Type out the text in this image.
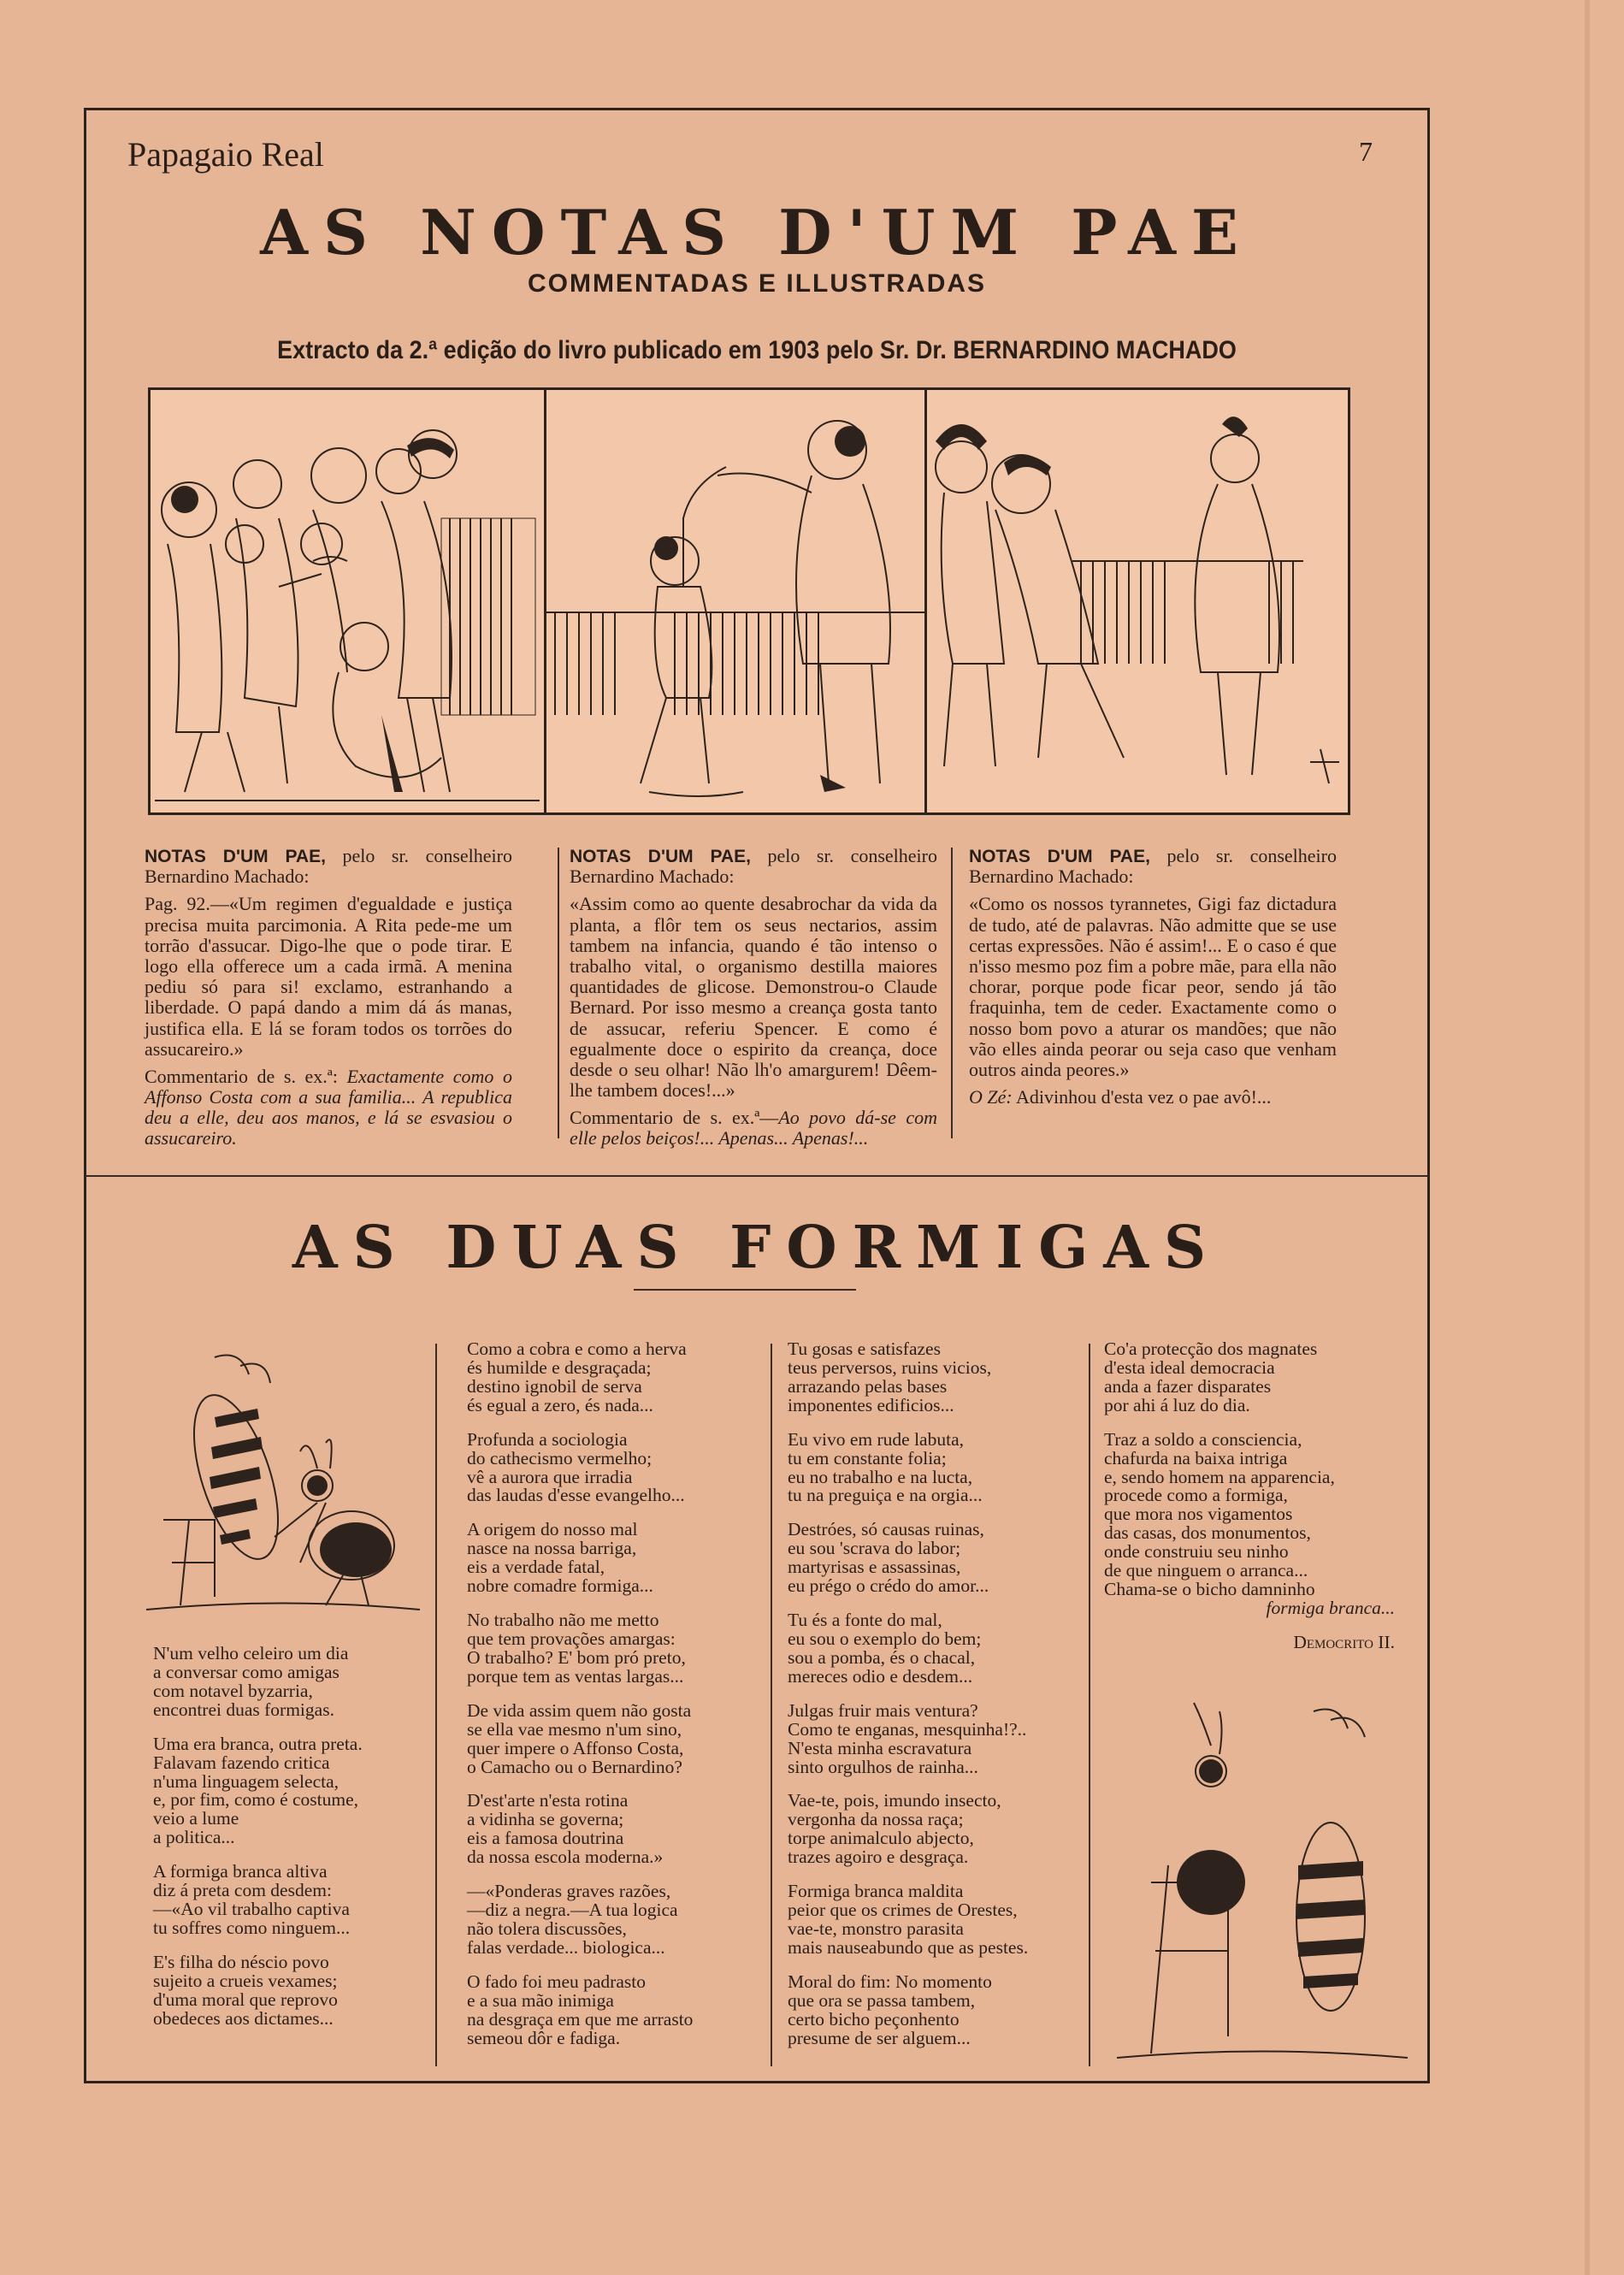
Papagaio Real	7
AS NOTAS D'UM PAE
COMMENTADAS E ILLUSTRADAS
Extracto da 2.ª edição do livro publicado em 1903 pelo Sr. Dr. BERNARDINO MACHADO

NOTAS D'UM PAE, pelo sr. conselheiro Bernardino Machado:

Pag. 92.—«Um regimen d'egualdade e justiça precisa muita parcimonia. A Rita pede-me um torrão d'assucar. Digo-lhe que o pode tirar. E logo ella offerece um a cada irmã. A menina pediu só para si! exclamo, estranhando a liberdade. O papá dando a mim dá ás manas, justifica ella. E lá se foram todos os torrões do assucareiro.»

Commentario de s. ex.ª: Exactamente como o Affonso Costa com a sua familia... A republica deu a elle, deu aos manos, e lá se esvasiou o assucareiro.

NOTAS D'UM PAE, pelo sr. conselheiro Bernardino Machado:

«Assim como ao quente desabrochar da vida da planta, a flôr tem os seus nectarios, assim tambem na infancia, quando é tão intenso o trabalho vital, o organismo destilla maiores quantidades de glicose. Demonstrou-o Claude Bernard. Por isso mesmo a creança gosta tanto de assucar, referiu Spencer. E como é egualmente doce o espirito da creança, doce desde o seu olhar! Não lh'o amargurem! Dêem-lhe tambem doces!...»

Commentario de s. ex.ª—Ao povo dá-se com elle pelos beiços!... Apenas... Apenas!...

NOTAS D'UM PAE, pelo sr. conselheiro Bernardino Machado:

«Como os nossos tyrannetes, Gigi faz dictadura de tudo, até de palavras. Não admitte que se use certas expressões. Não é assim!... E o caso é que n'isso mesmo poz fim a pobre mãe, para ella não chorar, porque pode ficar peor, sendo já tão fraquinha, tem de ceder. Exactamente como o nosso bom povo a aturar os mandões; que não vão elles ainda peorar ou seja caso que venham outros ainda peores.»

O Zé: Adivinhou d'esta vez o pae avô!...

AS DUAS FORMIGAS

N'um velho celeiro um dia
a conversar como amigas
com notavel byzarria,
encontrei duas formigas.

Uma era branca, outra preta.
Falavam fazendo critica
n'uma linguagem selecta,
e, por fim, como é costume,
veio a lume
a politica...

A formiga branca altiva
diz á preta com desdem:
—«Ao vil trabalho captiva
tu soffres como ninguem...

E's filha do néscio povo
sujeito a crueis vexames;
d'uma moral que reprovo
obedeces aos dictames...

Como a cobra e como a herva
és humilde e desgraçada;
destino ignobil de serva
és egual a zero, és nada...

Profunda a sociologia
do cathecismo vermelho;
vê a aurora que irradia
das laudas d'esse evangelho...

A origem do nosso mal
nasce na nossa barriga,
eis a verdade fatal,
nobre comadre formiga...

No trabalho não me metto
que tem provações amargas:
O trabalho? E' bom pró preto,
porque tem as ventas largas...

De vida assim quem não gosta
se ella vae mesmo n'um sino,
quer impere o Affonso Costa,
o Camacho ou o Bernardino?

D'est'arte n'esta rotina
a vidinha se governa;
eis a famosa doutrina
da nossa escola moderna.»

—«Ponderas graves razões,
—diz a negra.—A tua logica
não tolera discussões,
falas verdade... biologica...

O fado foi meu padrasto
e a sua mão inimiga
na desgraça em que me arrasto
semeou dôr e fadiga.

Tu gosas e satisfazes
teus perversos, ruins vicios,
arrazando pelas bases
imponentes edificios...

Eu vivo em rude labuta,
tu em constante folia;
eu no trabalho e na lucta,
tu na preguiça e na orgia...

Destróes, só causas ruinas,
eu sou 'scrava do labor;
martyrisas e assassinas,
eu prégo o crédo do amor...

Tu és a fonte do mal,
eu sou o exemplo do bem;
sou a pomba, és o chacal,
mereces odio e desdem...

Julgas fruir mais ventura?
Como te enganas, mesquinha!?..
N'esta minha escravatura
sinto orgulhos de rainha...

Vae-te, pois, imundo insecto,
vergonha da nossa raça;
torpe animalculo abjecto,
trazes agoiro e desgraça.

Formiga branca maldita
peior que os crimes de Orestes,
vae-te, monstro parasita
mais nauseabundo que as pestes.

Moral do fim: No momento
que ora se passa tambem,
certo bicho peçonhento
presume de ser alguem...

Co'a protecção dos magnates
d'esta ideal democracia
anda a fazer disparates
por ahi á luz do dia.

Traz a soldo a consciencia,
chafurda na baixa intriga
e, sendo homem na apparencia,
procede como a formiga,
que mora nos vigamentos
das casas, dos monumentos,
onde construiu seu ninho
de que ninguem o arranca...
Chama-se o bicho damninho

formiga branca...

Democrito II.
